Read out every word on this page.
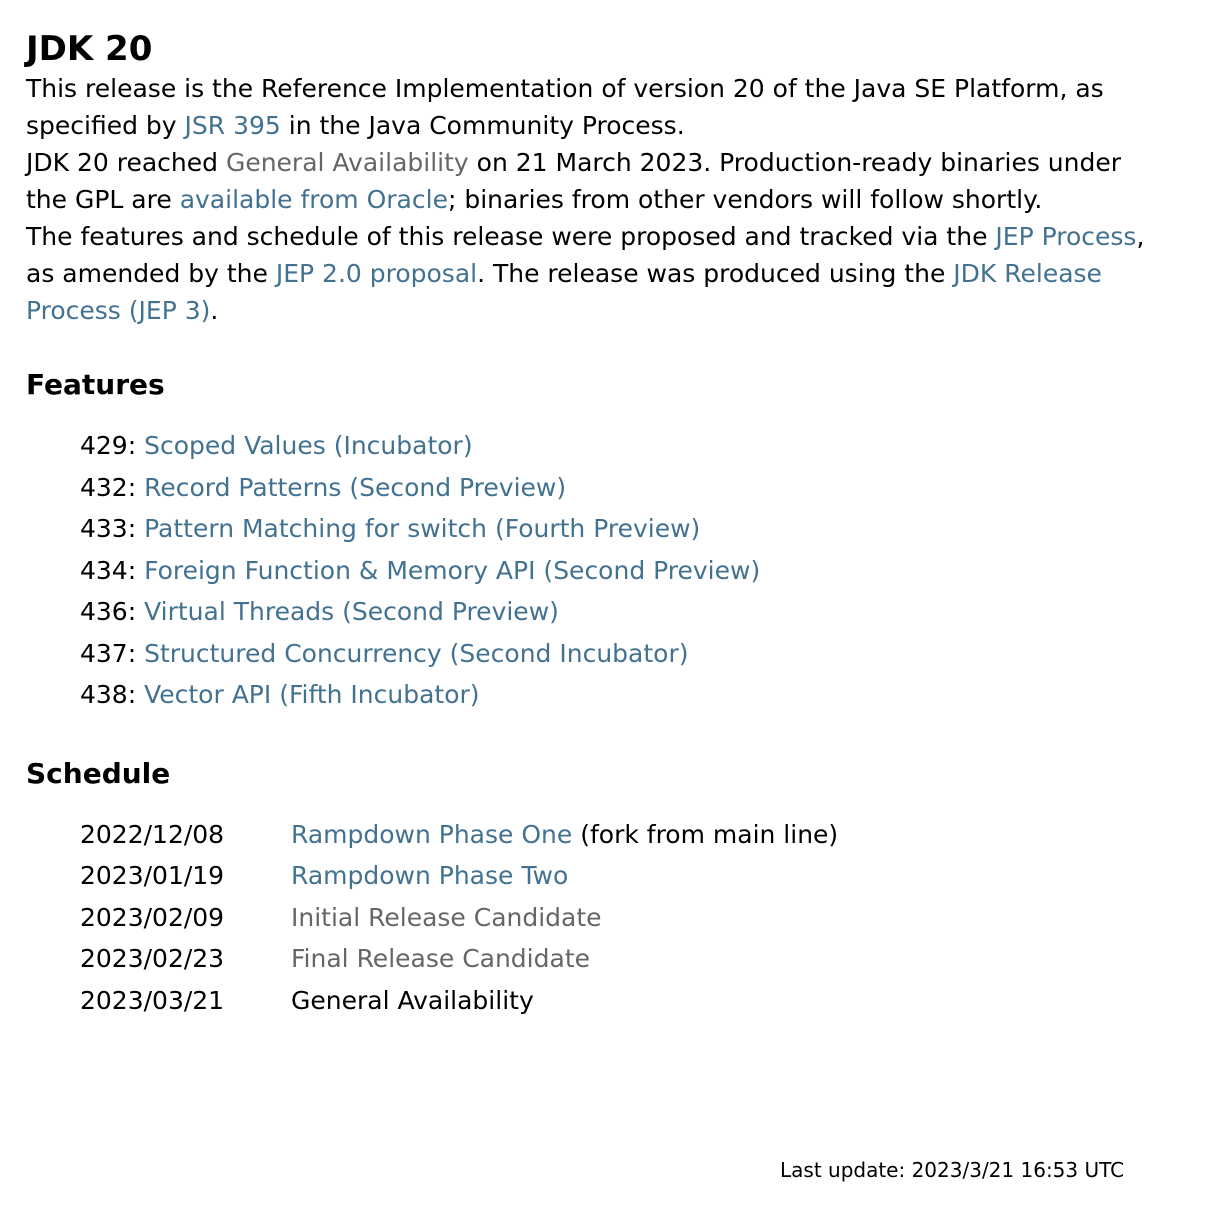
JDK 20

This release is the Reference Implementation of version 20 of the Java SE Platform, as specified by JSR 395 in the Java Community Process.

JDK 20 reached General Availability on 21 March 2023. Production-ready binaries under the GPL are available from Oracle; binaries from other vendors will follow shortly.

The features and schedule of this release were proposed and tracked via the JEP Process, as amended by the JEP 2.0 proposal. The release was produced using the JDK Release Process (JEP 3).

Features
429: Scoped Values (Incubator)
432: Record Patterns (Second Preview)
433: Pattern Matching for switch (Fourth Preview)
434: Foreign Function & Memory API (Second Preview)
436: Virtual Threads (Second Preview)
437: Structured Concurrency (Second Incubator)
438: Vector API (Fifth Incubator)
Schedule
2022/12/08	Rampdown Phase One (fork from main line)
2023/01/19	Rampdown Phase Two
2023/02/09	Initial Release Candidate
2023/02/23	Final Release Candidate
2023/03/21	General Availability
Last update: 2023/3/21 16:53 UTC
